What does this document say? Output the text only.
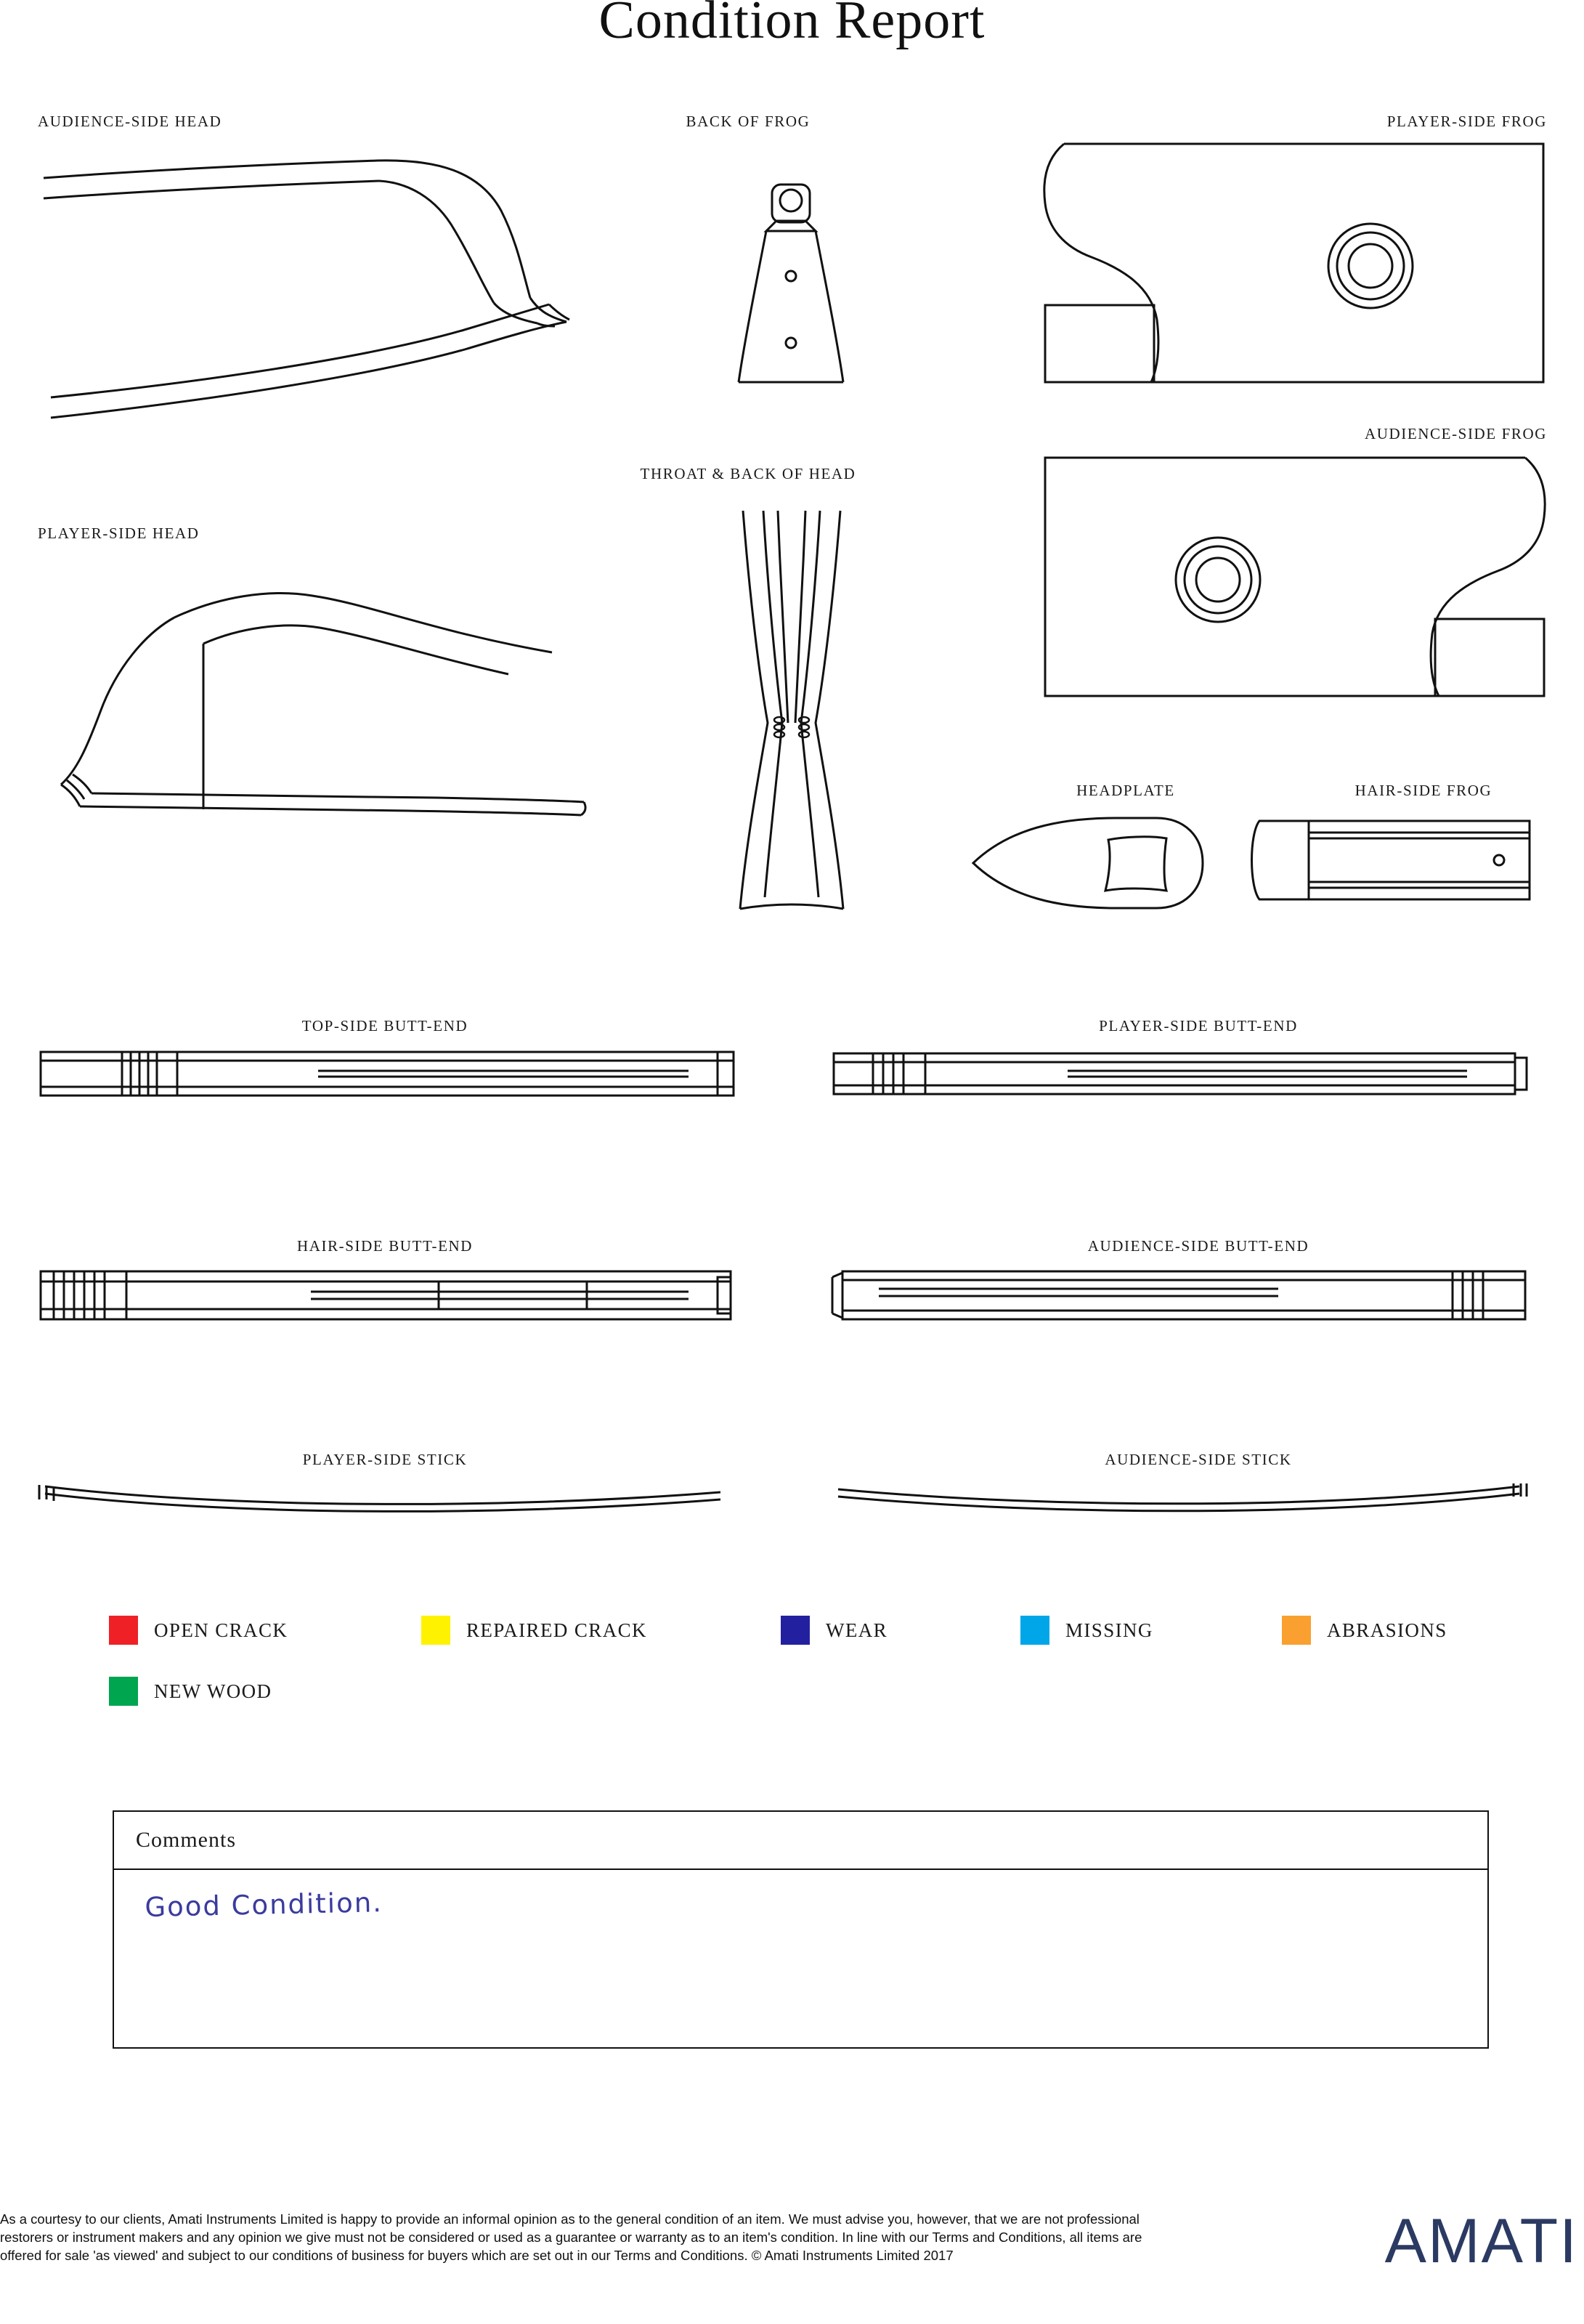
Condition Report
AUDIENCE-SIDE HEAD
PLAYER-SIDE HEAD
BACK OF FROG
THROAT & BACK OF HEAD
PLAYER-SIDE FROG
AUDIENCE-SIDE FROG
HEADPLATE	HAIR-SIDE FROG
TOP-SIDE BUTT-END	PLAYER-SIDE BUTT-END
HAIR-SIDE BUTT-END	AUDIENCE-SIDE BUTT-END
PLAYER-SIDE STICK	AUDIENCE-SIDE STICK
OPEN CRACK	REPAIRED CRACK	WEAR	MISSING	ABRASIONS
NEW WOOD
Comments
Good Condition.
As a courtesy to our clients, Amati Instruments Limited is happy to provide an informal opinion as to the general condition of an item. We must advise you, however, that we are not professional restorers or instrument makers and any opinion we give must not be considered or used as a guarantee or warranty as to an item's condition. In line with our Terms and Conditions, all items are offered for sale 'as viewed' and subject to our conditions of business for buyers which are set out in our Terms and Conditions. © Amati Instruments Limited 2017	AMATI
